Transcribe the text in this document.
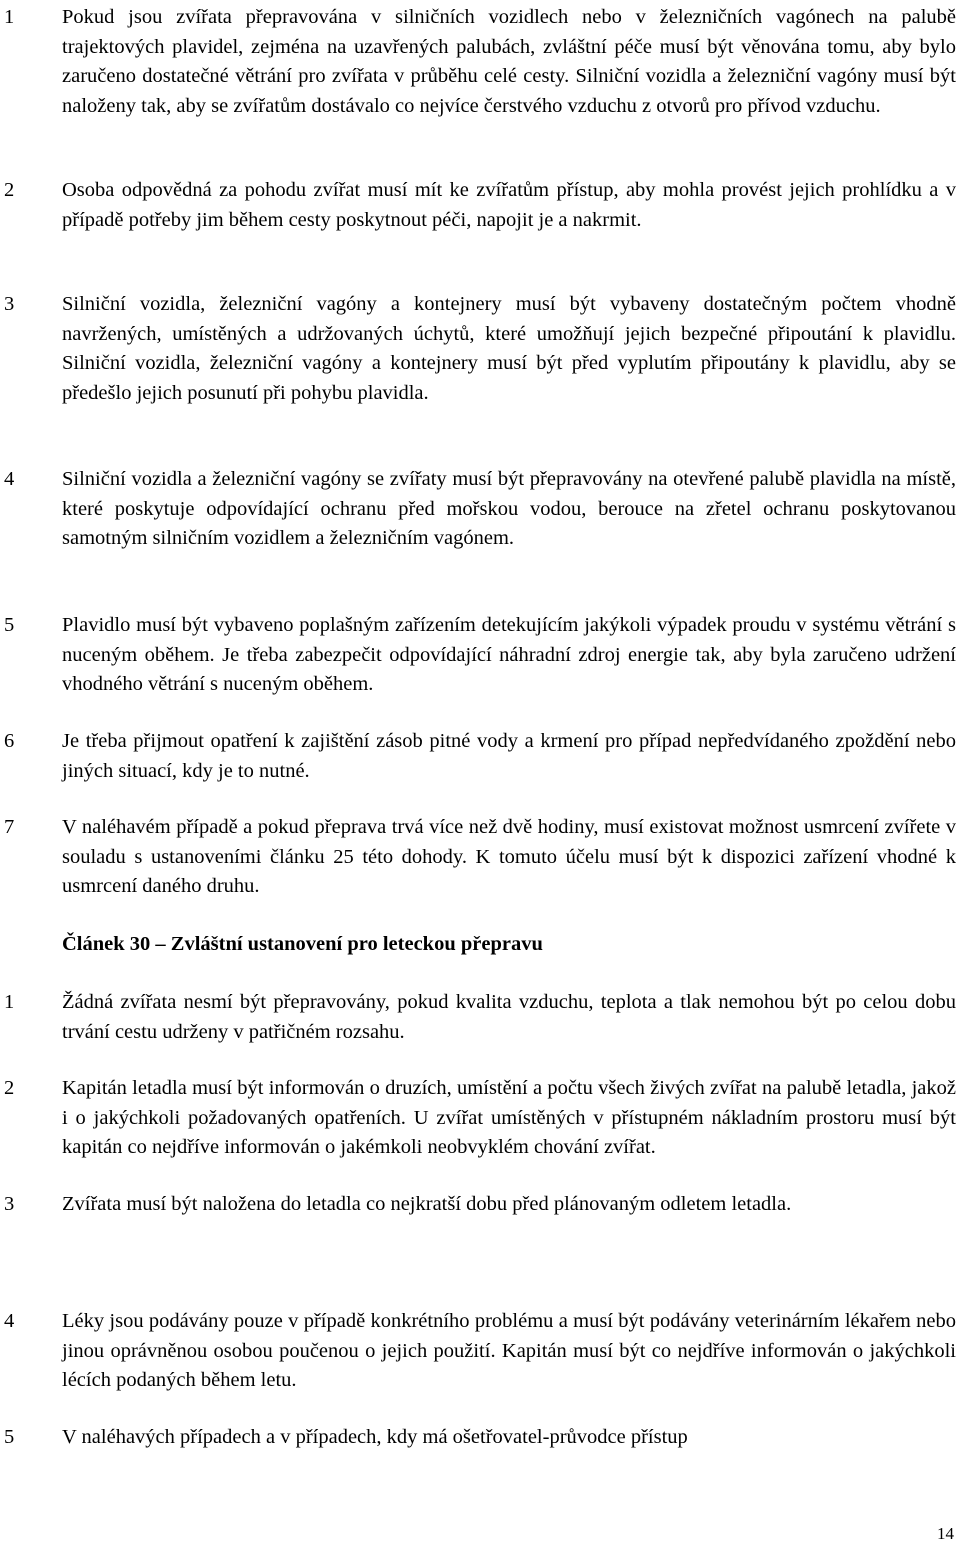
1	Pokud jsou zvířata přepravována v silničních vozidlech nebo v železničních vagónech na palubě trajektových plavidel, zejména na uzavřených palubách, zvláštní péče musí být věnována tomu, aby bylo zaručeno dostatečné větrání pro zvířata v průběhu celé cesty. Silniční vozidla a železniční vagóny musí být naloženy tak, aby se zvířatům dostávalo co nejvíce čerstvého vzduchu z otvorů pro přívod vzduchu.
2	Osoba odpovědná za pohodu zvířat musí mít ke zvířatům přístup, aby mohla provést jejich prohlídku a v případě potřeby jim během cesty poskytnout péči, napojit je a nakrmit.
3	Silniční vozidla, železniční vagóny a kontejnery musí být vybaveny dostatečným počtem vhodně navržených, umístěných a udržovaných úchytů, které umožňují jejich bezpečné připoutání k plavidlu. Silniční vozidla, železniční vagóny a kontejnery musí být před vyplutím připoutány k plavidlu, aby se předešlo jejich posunutí při pohybu plavidla.
4	Silniční vozidla a železniční vagóny se zvířaty musí být přepravovány na otevřené palubě plavidla na místě, které poskytuje odpovídající ochranu před mořskou vodou, berouce na zřetel ochranu poskytovanou samotným silničním vozidlem a železničním vagónem.
5	Plavidlo musí být vybaveno poplašným zařízením detekujícím jakýkoli výpadek proudu v systému větrání s nuceným oběhem. Je třeba zabezpečit odpovídající náhradní zdroj energie tak, aby byla zaručeno udržení vhodného větrání s nuceným oběhem.
6	Je třeba přijmout opatření k zajištění zásob pitné vody a krmení pro případ nepředvídaného zpoždění nebo jiných situací, kdy je to nutné.
7	V naléhavém případě a pokud přeprava trvá více než dvě hodiny, musí existovat možnost usmrcení zvířete v souladu s ustanoveními článku 25 této dohody. K tomuto účelu musí být k dispozici zařízení vhodné k usmrcení daného druhu.
Článek 30 – Zvláštní ustanovení pro leteckou přepravu
1	Žádná zvířata nesmí být přepravovány, pokud kvalita vzduchu, teplota a tlak nemohou být po celou dobu trvání cestu udrženy v patřičném rozsahu.
2	Kapitán letadla musí být informován o druzích, umístění a počtu všech živých zvířat na palubě letadla, jakož i o jakýchkoli požadovaných opatřeních. U zvířat umístěných v přístupném nákladním prostoru musí být kapitán co nejdříve informován o jakémkoli neobvyklém chování zvířat.
3	Zvířata musí být naložena do letadla co nejkratší dobu před plánovaným odletem letadla.
4	Léky jsou podávány pouze v případě konkrétního problému a musí být podávány veterinárním lékařem nebo jinou oprávněnou osobou poučenou o jejich použití. Kapitán musí být co nejdříve informován o jakýchkoli lécích podaných během letu.
5	V naléhavých případech a v případech, kdy má ošetřovatel-průvodce přístup
14
